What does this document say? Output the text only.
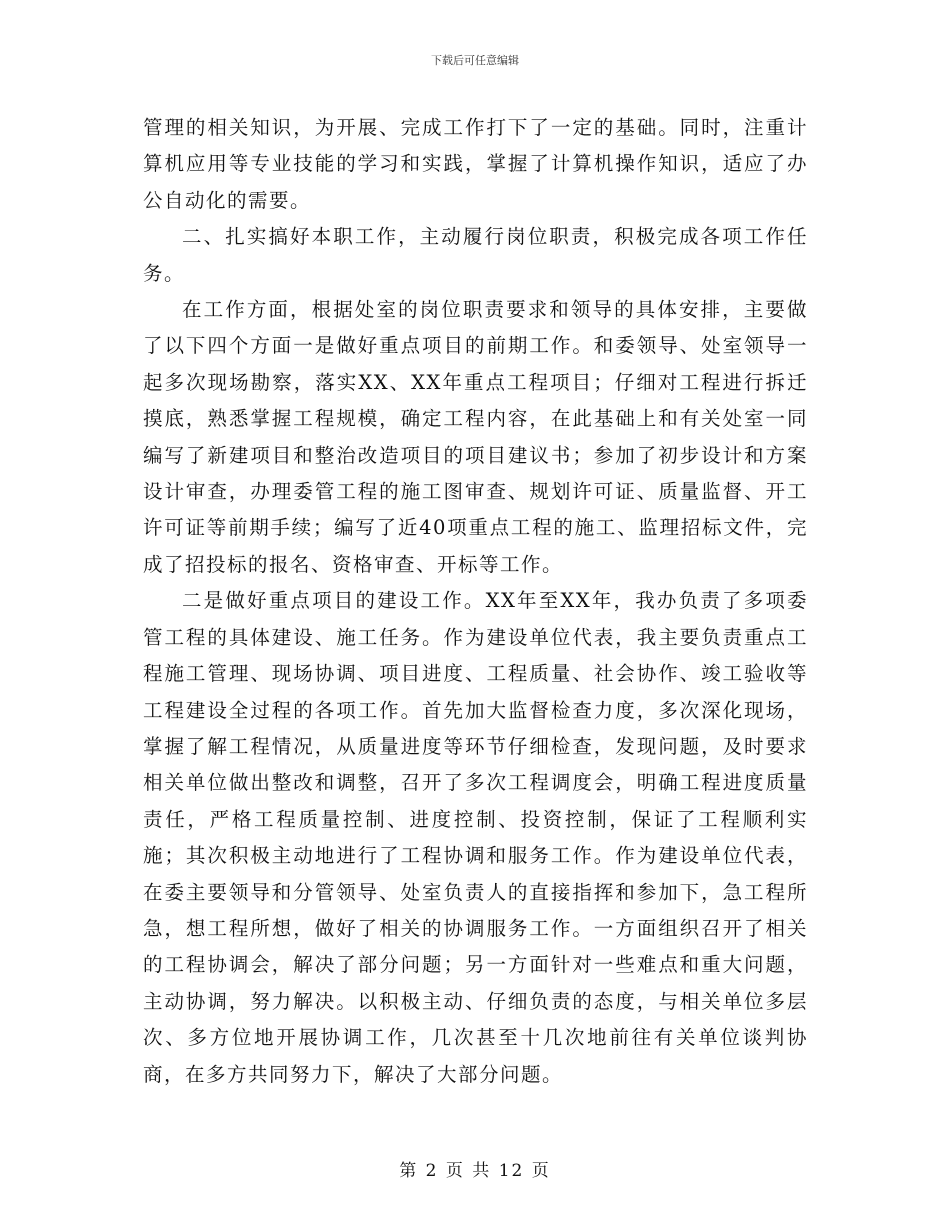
下载后可任意编辑

管理的相关知识，为开展、完成工作打下了一定的基础。同时，注重计算机应用等专业技能的学习和实践，掌握了计算机操作知识，适应了办公自动化的需要。

二、扎实搞好本职工作，主动履行岗位职责，积极完成各项工作任务。

在工作方面，根据处室的岗位职责要求和领导的具体安排，主要做了以下四个方面一是做好重点项目的前期工作。和委领导、处室领导一起多次现场勘察，落实XX、XX年重点工程项目；仔细对工程进行拆迁摸底，熟悉掌握工程规模，确定工程内容，在此基础上和有关处室一同编写了新建项目和整治改造项目的项目建议书；参加了初步设计和方案设计审查，办理委管工程的施工图审查、规划许可证、质量监督、开工许可证等前期手续；编写了近40项重点工程的施工、监理招标文件，完成了招投标的报名、资格审查、开标等工作。

二是做好重点项目的建设工作。XX年至XX年，我办负责了多项委管工程的具体建设、施工任务。作为建设单位代表，我主要负责重点工程施工管理、现场协调、项目进度、工程质量、社会协作、竣工验收等工程建设全过程的各项工作。首先加大监督检查力度，多次深化现场，掌握了解工程情况，从质量进度等环节仔细检查，发现问题，及时要求相关单位做出整改和调整，召开了多次工程调度会，明确工程进度质量责任，严格工程质量控制、进度控制、投资控制，保证了工程顺利实施；其次积极主动地进行了工程协调和服务工作。作为建设单位代表，在委主要领导和分管领导、处室负责人的直接指挥和参加下，急工程所急，想工程所想，做好了相关的协调服务工作。一方面组织召开了相关的工程协调会，解决了部分问题；另一方面针对一些难点和重大问题，主动协调，努力解决。以积极主动、仔细负责的态度，与相关单位多层次、多方位地开展协调工作，几次甚至十几次地前往有关单位谈判协商，在多方共同努力下，解决了大部分问题。

第 2 页 共 12 页
